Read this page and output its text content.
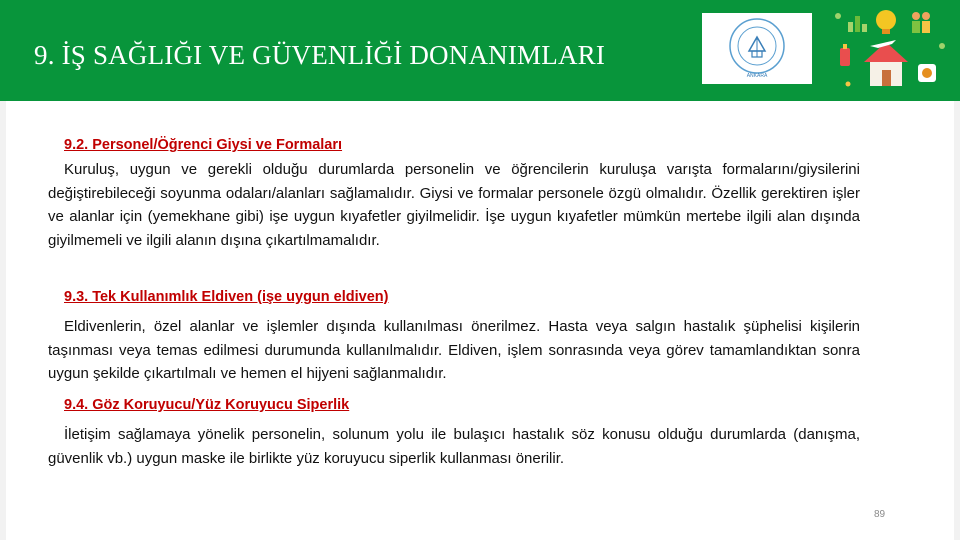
9. İŞ SAĞLIĞI VE GÜVENLİĞİ DONANIMLARI
ANKARA
9.2. Personel/Öğrenci Giysi ve Formaları
Kuruluş, uygun ve gerekli olduğu durumlarda personelin ve öğrencilerin kuruluşa varışta formalarını/giysilerini değiştirebileceği soyunma odaları/alanları sağlamalıdır. Giysi ve formalar personele özgü olmalıdır. Özellik gerektiren işler ve alanlar için (yemekhane gibi) işe uygun kıyafetler giyilmelidir. İşe uygun kıyafetler mümkün mertebe ilgili alan dışında giyilmemeli ve ilgili alanın dışına çıkartılmamalıdır.
9.3. Tek Kullanımlık Eldiven (işe uygun eldiven)
Eldivenlerin, özel alanlar ve işlemler dışında kullanılması önerilmez. Hasta veya salgın hastalık şüphelisi kişilerin taşınması veya temas edilmesi durumunda kullanılmalıdır. Eldiven, işlem sonrasında veya görev tamamlandıktan sonra uygun şekilde çıkartılmalı ve hemen el hijyeni sağlanmalıdır.
9.4. Göz Koruyucu/Yüz Koruyucu Siperlik
İletişim sağlamaya yönelik personelin, solunum yolu ile bulaşıcı hastalık söz konusu olduğu durumlarda (danışma, güvenlik vb.) uygun maske ile birlikte yüz koruyucu siperlik kullanması önerilir.
89
